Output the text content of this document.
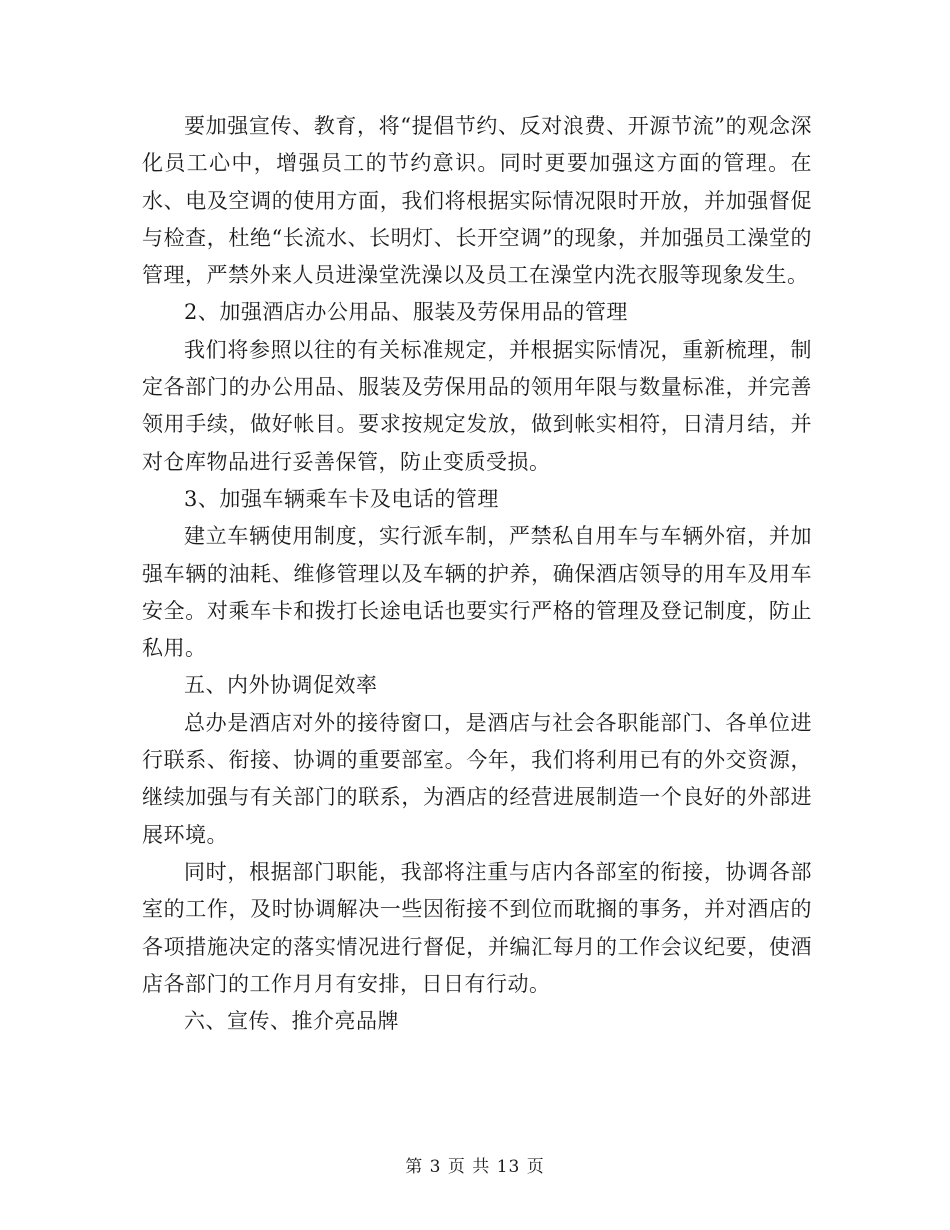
要加强宣传、教育，将“提倡节约、反对浪费、开源节流”的观念深化员工心中，增强员工的节约意识。同时更要加强这方面的管理。在水、电及空调的使用方面，我们将根据实际情况限时开放，并加强督促与检查，杜绝“长流水、长明灯、长开空调”的现象，并加强员工澡堂的管理，严禁外来人员进澡堂洗澡以及员工在澡堂内洗衣服等现象发生。

2、加强酒店办公用品、服装及劳保用品的管理

我们将参照以往的有关标准规定，并根据实际情况，重新梳理，制定各部门的办公用品、服装及劳保用品的领用年限与数量标准，并完善领用手续，做好帐目。要求按规定发放，做到帐实相符，日清月结，并对仓库物品进行妥善保管，防止变质受损。

3、加强车辆乘车卡及电话的管理

建立车辆使用制度，实行派车制，严禁私自用车与车辆外宿，并加强车辆的油耗、维修管理以及车辆的护养，确保酒店领导的用车及用车安全。对乘车卡和拨打长途电话也要实行严格的管理及登记制度，防止私用。

五、内外协调促效率

总办是酒店对外的接待窗口，是酒店与社会各职能部门、各单位进行联系、衔接、协调的重要部室。今年，我们将利用已有的外交资源，继续加强与有关部门的联系，为酒店的经营进展制造一个良好的外部进展环境。

同时，根据部门职能，我部将注重与店内各部室的衔接，协调各部室的工作，及时协调解决一些因衔接不到位而耽搁的事务，并对酒店的各项措施决定的落实情况进行督促，并编汇每月的工作会议纪要，使酒店各部门的工作月月有安排，日日有行动。

六、宣传、推介亮品牌

第 3 页 共 13 页
